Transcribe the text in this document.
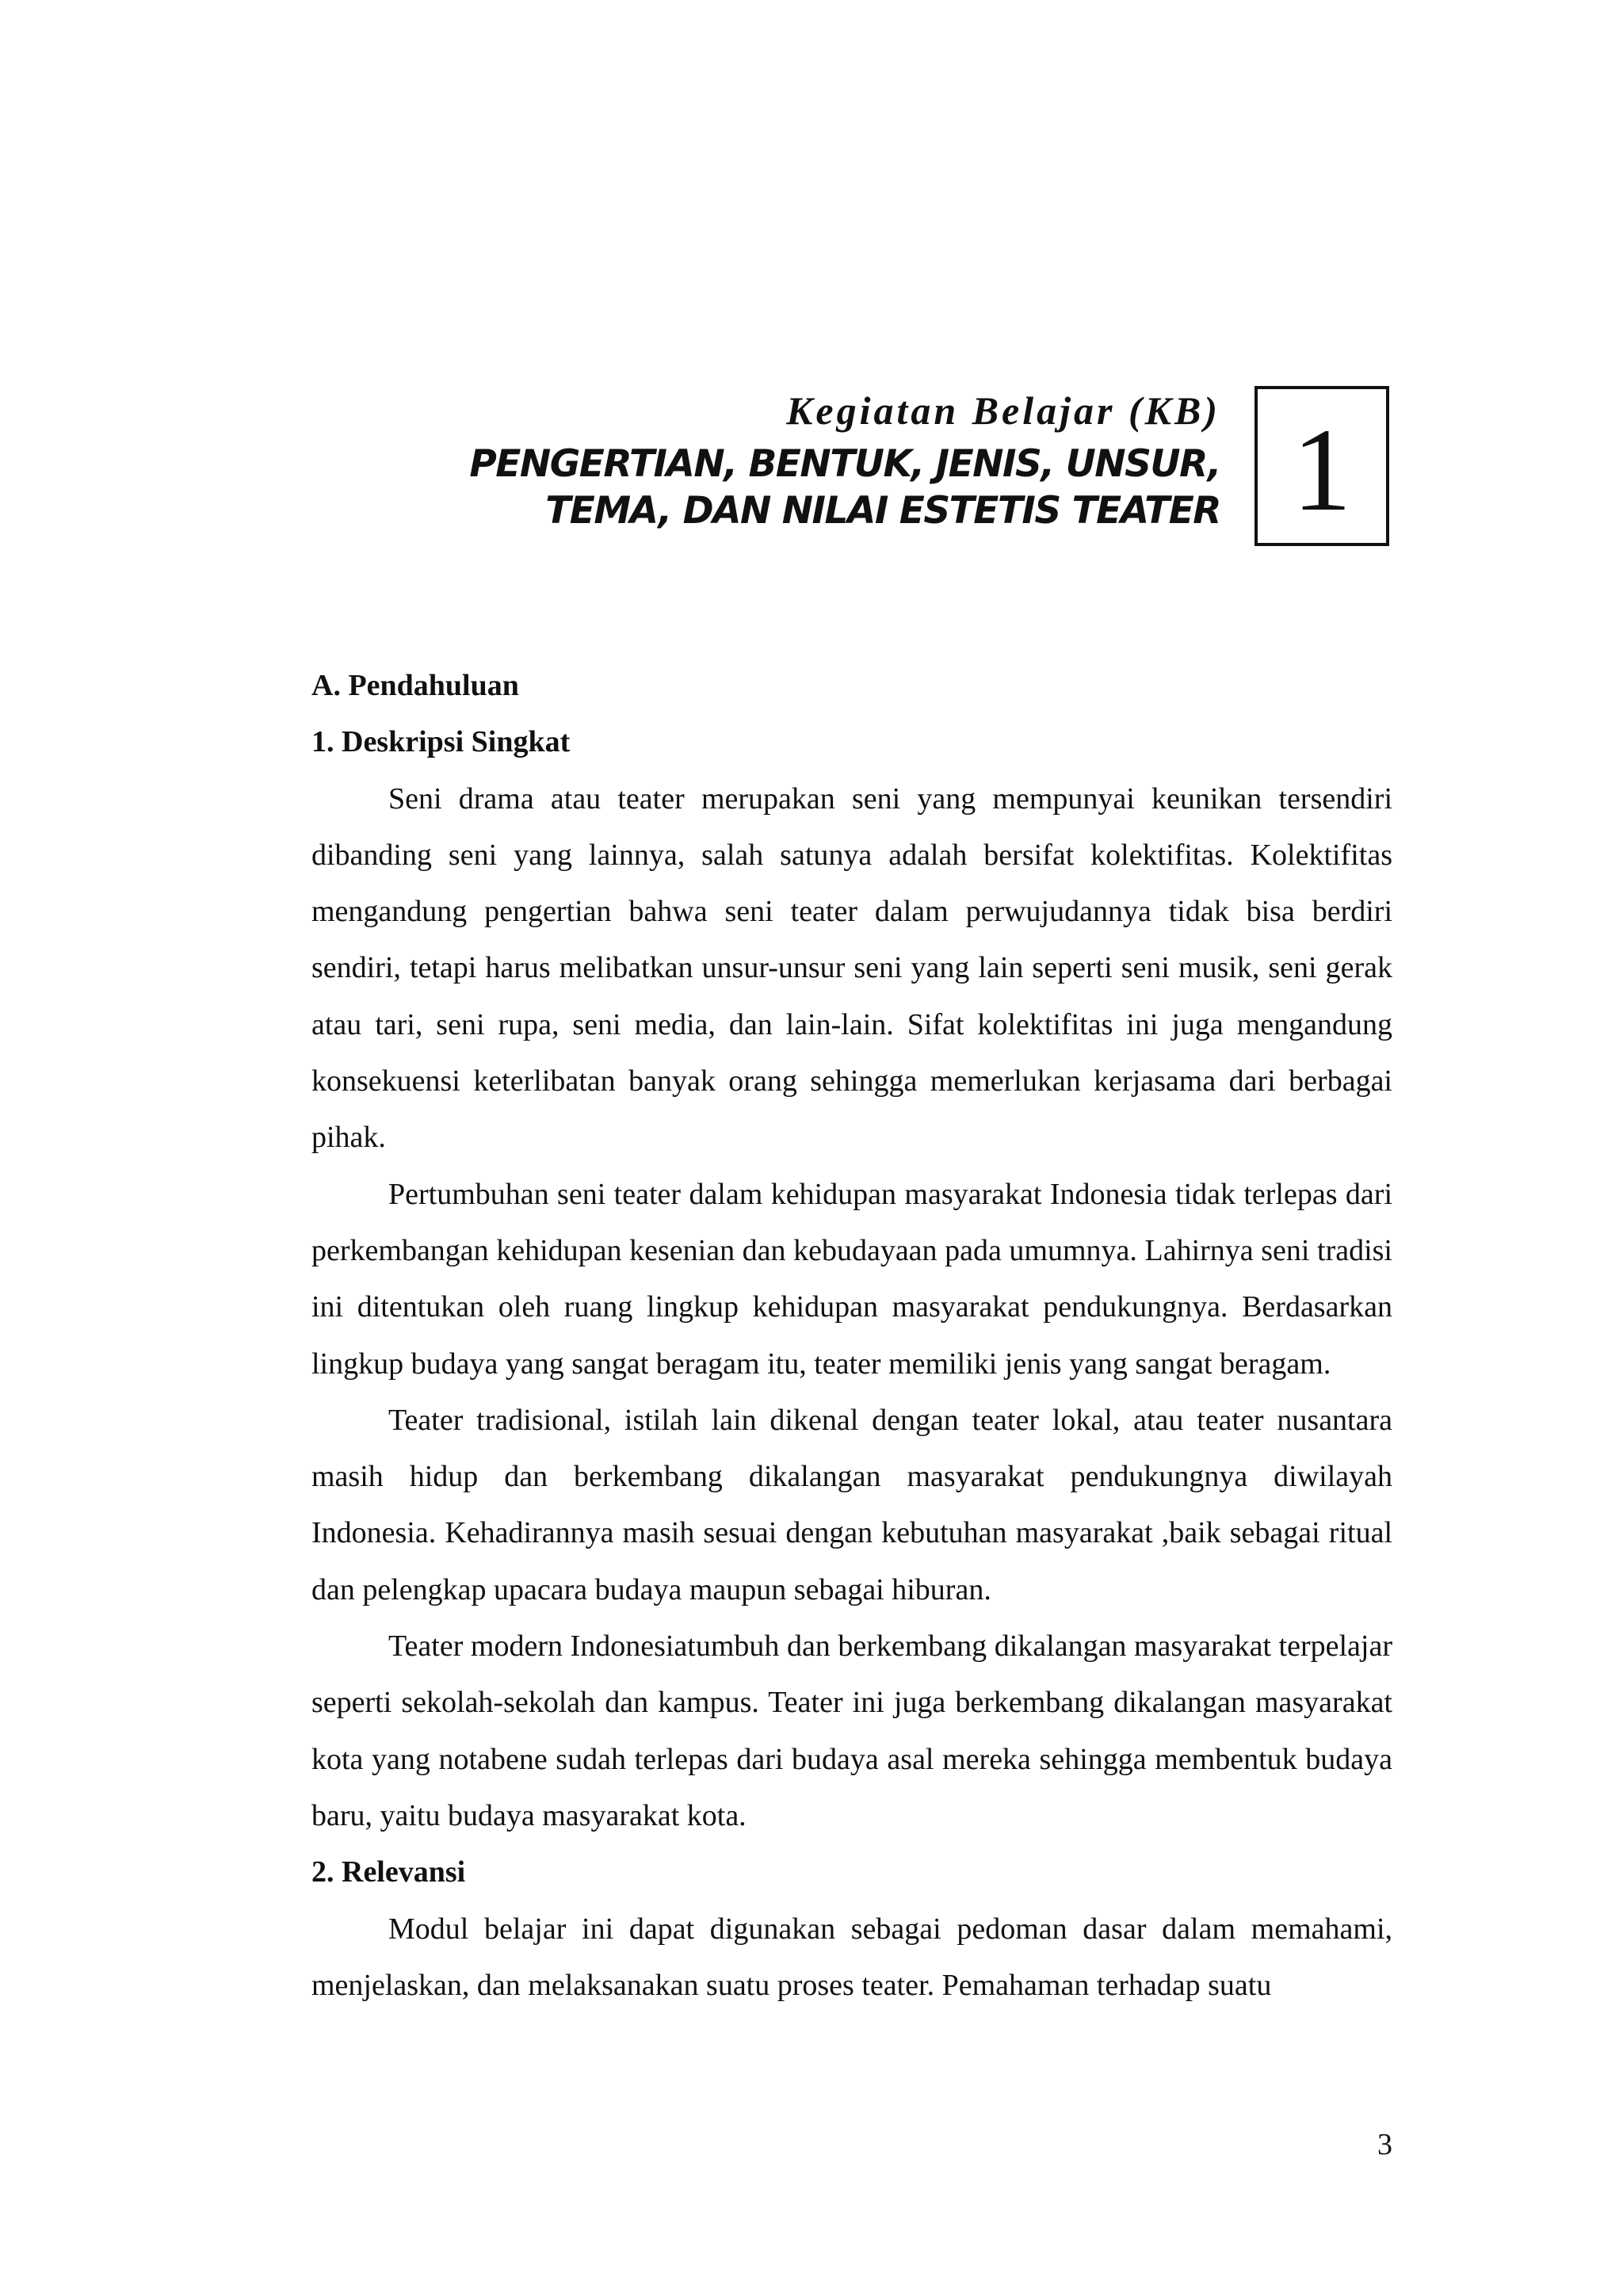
Kegiatan Belajar (KB)
PENGERTIAN, BENTUK, JENIS, UNSUR,
TEMA, DAN NILAI ESTETIS TEATER 1

A. Pendahuluan

1. Deskripsi Singkat

Seni drama atau teater merupakan seni yang mempunyai keunikan tersendiri dibanding seni yang lainnya, salah satunya adalah bersifat kolektifitas. Kolektifitas mengandung pengertian bahwa seni teater dalam perwujudannya tidak bisa berdiri sendiri, tetapi harus melibatkan unsur-unsur seni yang lain seperti seni musik, seni gerak atau tari, seni rupa, seni media, dan lain-lain. Sifat kolektifitas ini juga mengandung konsekuensi keterlibatan banyak orang sehingga memerlukan kerjasama dari berbagai pihak.

Pertumbuhan seni teater dalam kehidupan masyarakat Indonesia tidak terlepas dari perkembangan kehidupan kesenian dan kebudayaan pada umumnya. Lahirnya seni tradisi ini ditentukan oleh ruang lingkup kehidupan masyarakat pendukungnya. Berdasarkan lingkup budaya yang sangat beragam itu, teater memiliki jenis yang sangat beragam.

Teater tradisional, istilah lain dikenal dengan teater lokal, atau teater nusantara masih hidup dan berkembang dikalangan masyarakat pendukungnya diwilayah Indonesia. Kehadirannya masih sesuai dengan kebutuhan masyarakat ,baik sebagai ritual dan pelengkap upacara budaya maupun sebagai hiburan.

Teater modern Indonesiatumbuh dan berkembang dikalangan masyarakat terpelajar seperti sekolah-sekolah dan kampus. Teater ini juga berkembang dikalangan masyarakat kota yang notabene sudah terlepas dari budaya asal mereka sehingga membentuk budaya baru, yaitu budaya masyarakat kota.

2. Relevansi

Modul belajar ini dapat digunakan sebagai pedoman dasar dalam memahami, menjelaskan, dan melaksanakan suatu proses teater. Pemahaman terhadap suatu

3
